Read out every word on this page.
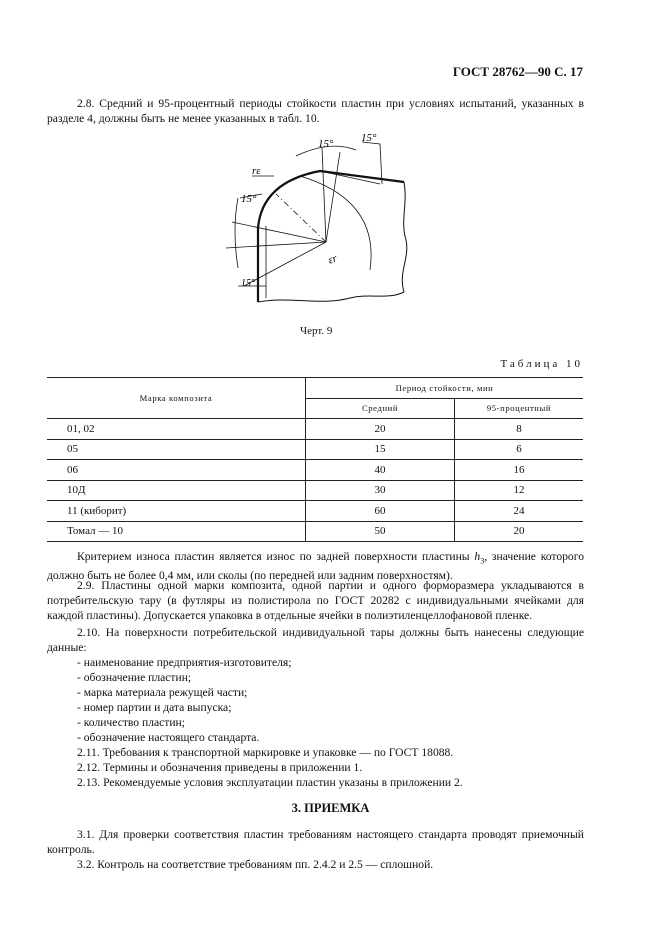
ГОСТ 28762—90 С. 17
2.8. Средний и 95-процентный периоды стойкости пластин при условиях испытаний, указанных в разделе 4, должны быть не менее указанных в табл. 10.
15°	15°
15°
15°
rε
εr
Черт. 9
Таблица 10
Марка композита	Период стойкости, мин	
	Средний	95-процентный
01, 02	20	8
05	15	6
06	40	16
10Д	30	12
11 (киборит)	60	24
Томал — 10	50	20
Критерием износа пластин является износ по задней поверхности пластины $h_3$, значение которого должно быть не более 0,4 мм, или сколы (по передней или задним поверхностям).
2.9. Пластины одной марки композита, одной партии и одного форморазмера укладываются в потребительскую тару (в футляры из полистирола по ГОСТ 20282 с индивидуальными ячейками для каждой пластины). Допускается упаковка в отдельные ячейки в полиэтиленцеллофановой пленке.
2.10. На поверхности потребительской индивидуальной тары должны быть нанесены следующие данные:
- наименование предприятия-изготовителя;
- обозначение пластин;
- марка материала режущей части;
- номер партии и дата выпуска;
- количество пластин;
- обозначение настоящего стандарта.
2.11. Требования к транспортной маркировке и упаковке — по ГОСТ 18088.
2.12. Термины и обозначения приведены в приложении 1.
2.13. Рекомендуемые условия эксплуатации пластин указаны в приложении 2.
3. ПРИЕМКА
3.1. Для проверки соответствия пластин требованиям настоящего стандарта проводят приемочный контроль.
3.2. Контроль на соответствие требованиям пп. 2.4.2 и 2.5 — сплошной.
